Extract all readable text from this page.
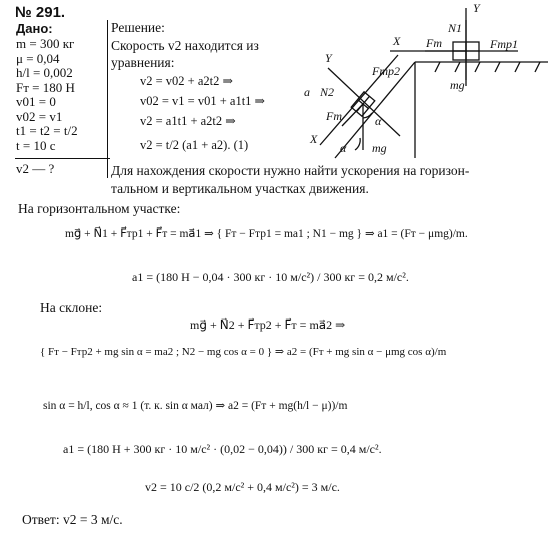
№ 291.
Дано:
m = 300 кг
μ = 0,04
h/l = 0,002
Fт = 180 Н
v01 = 0
v02 = v1
t1 = t2 = t/2
t = 10 с
v2 — ?
Решение:
Скорость v2 находится из
уравнения:
v2 = v02 + a2t2 ⇒
v02 = v1 = v01 + a1t1 ⇒
v2 = a1t1 + a2t2 ⇒
v2 = t/2 (a1 + a2). (1)
Для нахождения скорости нужно найти ускорения на горизон-
тальном и вертикальном участках движения.
На горизонтальном участке:
mg⃗ + N⃗1 + F⃗тр1 + F⃗т = ma⃗1 ⇒ { Fт − Fтр1 = ma1 ; N1 − mg } ⇒ a1 = (Fт − μmg)/m.
a1 = (180 Н − 0,04 · 300 кг · 10 м/с²) / 300 кг = 0,2 м/с².
На склоне:
mg⃗ + N⃗2 + F⃗тр2 + F⃗т = ma⃗2 ⇒
{ Fт − Fтр2 + mg sin α = ma2 ; N2 − mg cos α = 0 } ⇒ a2 = (Fт + mg sin α − μmg cos α)/m
sin α = h/l, cos α ≈ 1 (т. к. sin α мал) ⇒ a2 = (Fт + mg(h/l − μ))/m
a1 = (180 Н + 300 кг · 10 м/с² · (0,02 − 0,04)) / 300 кг = 0,4 м/с².
v2 = 10 с/2 (0,2 м/с² + 0,4 м/с²) = 3 м/с.
Ответ: v2 = 3 м/с.
Y
X
N1
Fт	Fтр1
mg
Y
Fтр2
a N2
Fт	α
X
mg
α
